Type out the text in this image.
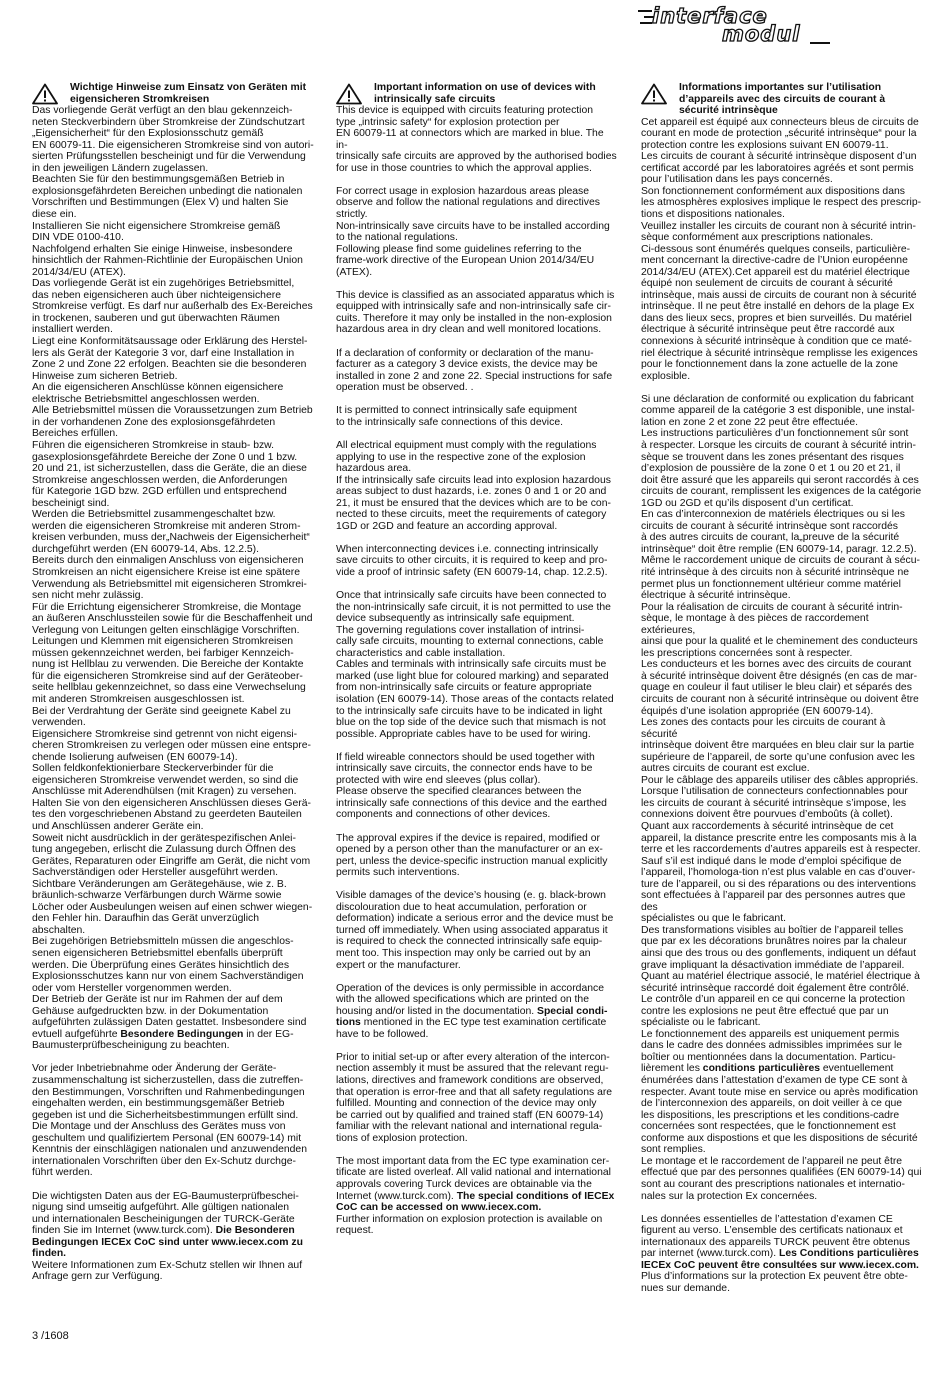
interface
modul
Wichtige Hinweise zum Einsatz von Geräten mit
eigensicheren Stromkreisen

Das vorliegende Gerät verfügt an den blau gekennzeich-
neten Steckverbindern über Stromkreise der Zündschutzart
„Eigensicherheit“ für den Explosionsschutz gemäß
EN 60079-11. Die eigensicheren Stromkreise sind von autori-
sierten Prüfungsstellen bescheinigt und für die Verwendung
in den jeweiligen Ländern zugelassen.
Beachten Sie für den bestimmungsgemäßen Betrieb in
explosionsgefährdeten Bereichen unbedingt die nationalen
Vorschriften und Bestimmungen (Elex V) und halten Sie
diese ein.
Installieren Sie nicht eigensichere Stromkreise gemäß
DIN VDE 0100-410.
Nachfolgend erhalten Sie einige Hinweise, insbesondere
hinsichtlich der Rahmen-Richtlinie der Europäischen Union
2014/34/EU (ATEX).
Das vorliegende Gerät ist ein zugehöriges Betriebsmittel,
das neben eigensicheren auch über nichteigensichere
Stromkreise verfügt. Es darf nur außerhalb des Ex-Bereiches
in trockenen, sauberen und gut überwachten Räumen
installiert werden.
Liegt eine Konformitätsaussage oder Erklärung des Herstel-
lers als Gerät der Kategorie 3 vor, darf eine Installation in
Zone 2 und Zone 22 erfolgen. Beachten sie die besonderen
Hinweise zum sicheren Betrieb.
An die eigensicheren Anschlüsse können eigensichere
elektrische Betriebsmittel angeschlossen werden.
Alle Betriebsmittel müssen die Voraussetzungen zum Betrieb
in der vorhandenen Zone des explosionsgefährdeten
Bereiches erfüllen.
Führen die eigensicheren Stromkreise in staub- bzw.
gasexplosionsgefährdete Bereiche der Zone 0 und 1 bzw.
20 und 21, ist sicherzustellen, dass die Geräte, die an diese
Stromkreise angeschlossen werden, die Anforderungen
für Kategorie 1GD bzw. 2GD erfüllen und entsprechend
bescheinigt sind.
Werden die Betriebsmittel zusammengeschaltet bzw.
werden die eigensicheren Stromkreise mit anderen Strom-
kreisen verbunden, muss der„Nachweis der Eigensicherheit“
durchgeführt werden (EN 60079-14, Abs. 12.2.5).
Bereits durch den einmaligen Anschluss von eigensicheren
Stromkreisen an nicht eigensichere Kreise ist eine spätere
Verwendung als Betriebsmittel mit eigensicheren Stromkrei-
sen nicht mehr zulässig.
Für die Errichtung eigensicherer Stromkreise, die Montage
an äußeren Anschlussteilen sowie für die Beschaffenheit und
Verlegung von Leitungen gelten einschlägige Vorschriften.
Leitungen und Klemmen mit eigensicheren Stromkreisen
müssen gekennzeichnet werden, bei farbiger Kennzeich-
nung ist Hellblau zu verwenden. Die Bereiche der Kontakte
für die eigensicheren Stromkreise sind auf der Geräteober-
seite hellblau gekennzeichnet, so dass eine Verwechselung
mit anderen Stromkreisen ausgeschlossen ist.
Bei der Verdrahtung der Geräte sind geeignete Kabel zu
verwenden.
Eigensichere Stromkreise sind getrennt von nicht eigensi-
cheren Stromkreisen zu verlegen oder müssen eine entspre-
chende Isolierung aufweisen (EN 60079-14).
Sollen feldkonfektionierbare Steckerverbinder für die
eigensicheren Stromkreise verwendet werden, so sind die
Anschlüsse mit Aderendhülsen (mit Kragen) zu versehen.
Halten Sie von den eigensicheren Anschlüssen dieses Gerä-
tes den vorgeschriebenen Abstand zu geerdeten Bauteilen
und Anschlüssen anderer Geräte ein.
Soweit nicht ausdrücklich in der gerätespezifischen Anlei-
tung angegeben, erlischt die Zulassung durch Öffnen des
Gerätes, Reparaturen oder Eingriffe am Gerät, die nicht vom
Sachverständigen oder Hersteller ausgeführt werden.
Sichtbare Veränderungen am Gerätegehäuse, wie z. B.
bräunlich-schwarze Verfärbungen durch Wärme sowie
Löcher oder Ausbeulungen weisen auf einen schwer wiegen-
den Fehler hin. Daraufhin das Gerät unverzüglich abschalten.
Bei zugehörigen Betriebsmitteln müssen die angeschlos-
senen eigensicheren Betriebsmittel ebenfalls überprüft
werden. Die Überprüfung eines Gerätes hinsichtlich des
Explosionsschutzes kann nur von einem Sachverständigen
oder vom Hersteller vorgenommen werden.
Der Betrieb der Geräte ist nur im Rahmen der auf dem
Gehäuse aufgedruckten bzw. in der Dokumentation
aufgeführten zulässigen Daten gestattet. Insbesondere sind
evtuell aufgeführte Besondere Bedingungen in der EG-
Baumusterprüfbescheinigung zu beachten.

Vor jeder Inbetriebnahme oder Änderung der Geräte-
zusammenschaltung ist sicherzustellen, dass die zutreffen-
den Bestimmungen, Vorschriften und Rahmenbedingungen
eingehalten werden, ein bestimmungsgemäßer Betrieb
gegeben ist und die Sicherheitsbestimmungen erfüllt sind.
Die Montage und der Anschluss des Gerätes muss von
geschultem und qualifiziertem Personal (EN 60079-14) mit
Kenntnis der einschlägigen nationalen und anzuwendenden
internationalen Vorschriften über den Ex-Schutz durchge-
führt werden.

Die wichtigsten Daten aus der EG-Baumusterprüfbeschei-
nigung sind umseitig aufgeführt. Alle gültigen nationalen
und internationalen Bescheinigungen der TURCK-Geräte
finden Sie im Internet (www.turck.com). Die Besonderen
Bedingungen IECEx CoC sind unter www.iecex.com zu
finden.
Weitere Informationen zum Ex-Schutz stellen wir Ihnen auf
Anfrage gern zur Verfügung.

Important information on use of devices with
intrinsically safe circuits

This device is equipped with circuits featuring protection
type „intrinsic safety“ for explosion protection per
EN 60079-11 at connectors which are marked in blue. The in-
trinsically safe circuits are approved by the authorised bodies
for use in those countries to which the approval applies.

For correct usage in explosion hazardous areas please
observe and follow the national regulations and directives
strictly.
Non-intrinsically save circuits have to be installed according
to the national regulations.
Following please find some guidelines referring to the
frame-work directive of the European Union 2014/34/EU
(ATEX).

This device is classified as an associated apparatus which is
equipped with intrinsically safe and non-intrinsically safe cir-
cuits. Therefore it may only be installed in the non-explosion
hazardous area in dry clean and well monitored locations.

If a declaration of conformity or declaration of the manu-
facturer as a category 3 device exists, the device may be
installed in zone 2 and zone 22. Special instructions for safe
operation must be observed. .

It is permitted to connect intrinsically safe equipment
to the intrinsically safe connections of this device.

All electrical equipment must comply with the regulations
applying to use in the respective zone of the explosion
hazardous area.
If the intrinsically safe circuits lead into explosion hazardous
areas subject to dust hazards, i.e. zones 0 and 1 or 20 and
21, it must be ensured that the devices which are to be con-
nected to these circuits, meet the requirements of category
1GD or 2GD and feature an according approval.

When interconnecting devices i.e. connecting intrinsically
save circuits to other circuits, it is required to keep and pro-
vide a proof of intrinsic safety (EN 60079-14, chap. 12.2.5).

Once that intrinsically safe circuits have been connected to
the non-intrinsically safe circuit, it is not permitted to use the
device subsequently as intrinsically safe equipment.
The governing regulations cover installation of intrinsi-
cally safe circuits, mounting to external connections, cable
characteristics and cable installation.
Cables and terminals with intrinsically safe circuits must be
marked (use light blue for coloured marking) and separated
from non-intrinsically safe circuits or feature appropriate
isolation (EN 60079-14). Those areas of the contacts related
to the intrinsically safe circuits have to be indicated in light
blue on the top side of the device such that mismach is not
possible. Appropriate cables have to be used for wiring.

If field wireable connectors should be used together with
intrinsically save circuits, the connector ends have to be
protected with wire end sleeves (plus collar).
Please observe the specified clearances between the
intrinsically safe connections of this device and the earthed
components and connections of other devices.

The approval expires if the device is repaired, modified or
opened by a person other than the manufacturer or an ex-
pert, unless the device-specific instruction manual explicitly
permits such interventions.

Visible damages of the device’s housing (e. g. black-brown
discolouration due to heat accumulation, perforation or
deformation) indicate a serious error and the device must be
turned off immediately. When using associated apparatus it
is required to check the connected intrinsically safe equip-
ment too. This inspection may only be carried out by an
expert or the manufacturer.

Operation of the devices is only permissible in accordance
with the allowed specifications which are printed on the
housing and/or listed in the documentation. Special condi-
tions mentioned in the EC type test examination certificate
have to be followed.

Prior to initial set-up or after every alteration of the intercon-
nection assembly it must be assured that the relevant regu-
lations, directives and framework conditions are observed,
that operation is error-free and that all safety regulations are
fulfilled. Mounting and connection of the device may only
be carried out by qualified and trained staff (EN 60079-14)
familiar with the relevant national and international regula-
tions of explosion protection.

The most important data from the EC type examination cer-
tificate are listed overleaf. All valid national and international
approvals covering Turck devices are obtainable via the
Internet (www.turck.com). The special conditions of IECEx
CoC can be accessed on www.iecex.com.
Further information on explosion protection is available on
request.

Informations importantes sur l’utilisation
d’appareils avec des circuits de courant à
sécurité intrinsèque

Cet appareil est équipé aux connecteurs bleus de circuits de
courant en mode de protection „sécurité intrinsèque“ pour la
protection contre les explosions suivant EN 60079-11.
Les circuits de courant à sécurité intrinsèque disposent d’un
certificat accordé par les laboratoires agréés et sont permis
pour l’utilisation dans les pays concernés.
Son fonctionnement conformément aux dispositions dans
les atmosphères explosives implique le respect des prescrip-
tions et dispositions nationales.
Veuillez installer les circuits de courant non à sécurité intrin-
sèque conformément aux prescriptions nationales.
Ci-dessous sont énumérés quelques conseils, particulière-
ment concernant la directive-cadre de l’Union européenne
2014/34/EU (ATEX).Cet appareil est du matériel électrique
équipé non seulement de circuits de courant à sécurité
intrinsèque, mais aussi de circuits de courant non à sécurité
intrinsèque. Il ne peut être installé en dehors de la plage Ex
dans des lieux secs, propres et bien surveillés. Du matériel
électrique à sécurité intrinsèque peut être raccordé aux
connexions à sécurité intrinsèque à condition que ce maté-
riel électrique à sécurité intrinsèque remplisse les exigences
pour le fonctionnement dans la zone actuelle de la zone
explosible.

Si une déclaration de conformité ou explication du fabricant
comme appareil de la catégorie 3 est disponible, une instal-
lation en zone 2 et zone 22 peut être effectuée.
Les instructions particulières d’un fonctionnement sûr sont
à respecter. Lorsque les circuits de courant à sécurité intrin-
sèque se trouvent dans les zones présentant des risques
d’explosion de poussière de la zone 0 et 1 ou 20 et 21, il
doit être assuré que les appareils qui seront raccordés à ces
circuits de courant, remplissent les exigences de la catégorie
1GD ou 2GD et qu’ils disposent d’un certificat.
En cas d’interconnexion de matériels électriques ou si les
circuits de courant à sécurité intrinsèque sont raccordés
à des autres circuits de courant, la„preuve de la sécurité
intrinsèque“ doit être remplie (EN 60079-14, paragr. 12.2.5).
Même le raccordement unique de circuits de courant à sécu-
rité intrinsèque à des circuits non à sécurité intrinsèque ne
permet plus un fonctionnement ultérieur comme matériel
électrique à sécurité intrinsèque.
Pour la réalisation de circuits de courant à sécurité intrin-
sèque, le montage à des pièces de raccordement extérieures,
ainsi que pour la qualité et le cheminement des conducteurs
les prescriptions concernées sont à respecter.
Les conducteurs et les bornes avec des circuits de courant
à sécurité intrinsèque doivent être désignés (en cas de mar-
quage en couleur il faut utiliser le bleu clair) et séparés des
circuits de courant non à sécurité intrinsèque ou doivent être
équipés d’une isolation appropriée (EN 60079-14).
Les zones des contacts pour les circuits de courant à sécurité
intrinsèque doivent être marquées en bleu clair sur la partie
supérieure de l’appareil, de sorte qu’une confusion avec les
autres circuits de courant est exclue.
Pour le câblage des appareils utiliser des câbles appropriés.
Lorsque l’utilisation de connecteurs confectionnables pour
les circuits de courant à sécurité intrinsèque s’impose, les
connexions doivent être pourvues d’emboûts (à collet).
Quant aux raccordements à sécurité intrinsèque de cet
appareil, la distance prescrite entre les composants mis à la
terre et les raccordements d’autres appareils est à respecter.
Sauf s’il est indiqué dans le mode d’emploi spécifique de
l’appareil, l’homologa-tion n’est plus valable en cas d’ouver-
ture de l’appareil, ou si des réparations ou des interventions
sont effectuées à l’appareil par des personnes autres que des
spécialistes ou que le fabricant.
Des transformations visibles au boîtier de l’appareil telles
que par ex les décorations brunâtres noires par la chaleur
ainsi que des trous ou des gonflements, indiquent un défaut
grave impliquant la désactivation immédiate de l’appareil.
Quant au matériel électrique associé, le matériel électrique à
sécurité intrinsèque raccordé doit également être contrôlé.
Le contrôle d’un appareil en ce qui concerne la protection
contre les explosions ne peut être effectué que par un
spécialiste ou le fabricant.
Le fonctionnement des appareils est uniquement permis
dans le cadre des données admissibles imprimées sur le
boîtier ou mentionnées dans la documentation. Particu-
lièrement les conditions particulières eventuellement
énumérées dans l’attestation d’examen de type CE sont à
respecter. Avant toute mise en service ou après modification
de l’interconnexion des appareils, on doit veiller à ce que
les dispositions, les prescriptions et les conditions-cadre
concernées sont respectées, que le fonctionnement est
conforme aux dispostions et que les dispositions de sécurité
sont remplies.
Le montage et le raccordement de l’appareil ne peut être
effectué que par des personnes qualifiées (EN 60079-14) qui
sont au courant des prescriptions nationales et internatio-
nales sur la protection Ex concernées.

Les données essentielles de l’attestation d’examen CE
figurent au verso. L’ensemble des certificats nationaux et
internationaux des appareils TURCK peuvent être obtenus
par internet (www.turck.com). Les Conditions particulières
IECEx CoC peuvent être consultées sur www.iecex.com.
Plus d’informations sur la protection Ex peuvent être obte-
nues sur demande.

3 /1608
